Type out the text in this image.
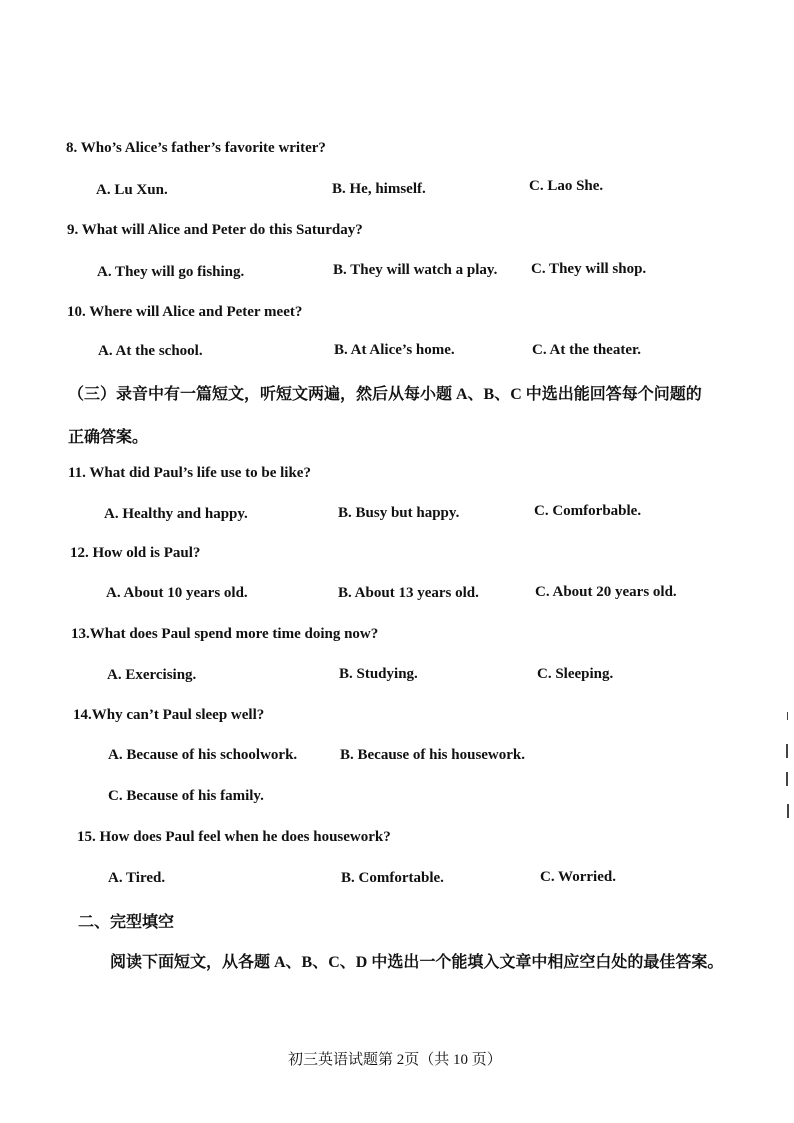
8. Who’s Alice’s father’s favorite writer?
A. Lu Xun.	B. He, himself.	C. Lao She.
9. What will Alice and Peter do this Saturday?
A. They will go fishing.	B. They will watch a play. C. They will shop.
10. Where will Alice and Peter meet?
A. At the school.	B. At Alice’s home.	C. At the theater.
（三）录音中有一篇短文，听短文两遍，然后从每小题 A、B、C 中选出能回答每个问题的
正确答案。
11. What did Paul’s life use to be like?
A. Healthy and happy.	B. Busy but happy.	C. Comforbable.
12. How old is Paul?
A. About 10 years old.	B. About 13 years old.	C. About 20 years old.
13.What does Paul spend more time doing now?
A. Exercising.	B. Studying.	C. Sleeping.
14.Why can’t Paul sleep well?
A. Because of his schoolwork.	B. Because of his housework.
C. Because of his family.
15. How does Paul feel when he does housework?
A. Tired.	B. Comfortable.	C. Worried.
二、完型填空
阅读下面短文，从各题 A、B、C、D 中选出一个能填入文章中相应空白处的最佳答案。
初三英语试题第 2页（共 10 页）
